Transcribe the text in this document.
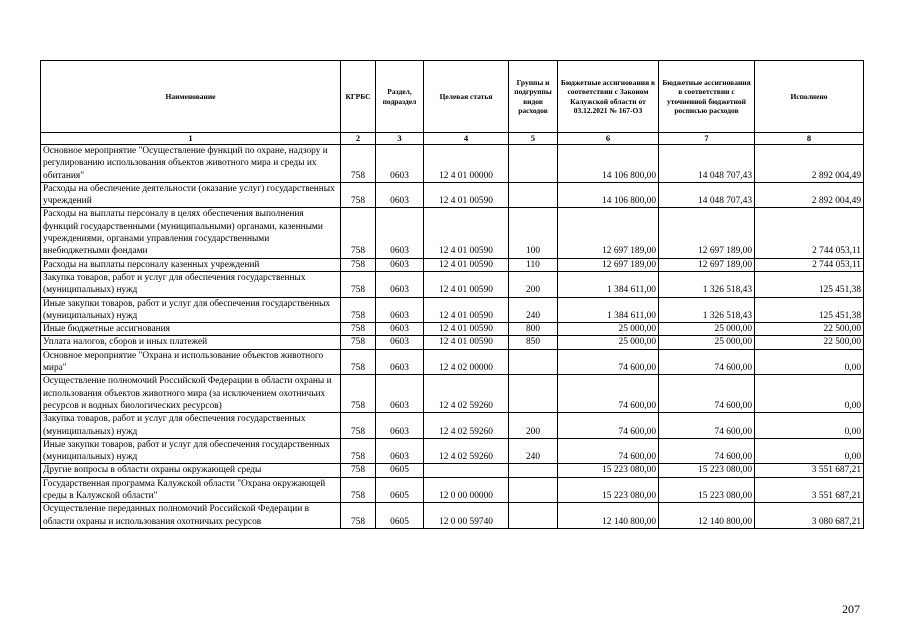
Наименование	КГРБС	Раздел, подраздел	Целевая статья	Группы и подгруппы видов расходов	Бюджетные ассигнования в соответствии с Законом Калужской области от 03.12.2021 № 167-ОЗ	Бюджетные ассигнования в соответствии с уточненной бюджетной росписью расходов	Исполнено
1	2	3	4	5	6	7	8
Основное мероприятие "Осуществление функций по охране, надзору и регулированию использования объектов животного мира и среды их обитания"	758	0603	12 4 01 00000		14 106 800,00	14 048 707,43	2 892 004,49
Расходы на обеспечение деятельности (оказание услуг) государственных учреждений	758	0603	12 4 01 00590		14 106 800,00	14 048 707,43	2 892 004,49
Расходы на выплаты персоналу в целях обеспечения выполнения функций государственными (муниципальными) органами, казенными учреждениями, органами управления государственными внебюджетными фондами	758	0603	12 4 01 00590	100	12 697 189,00	12 697 189,00	2 744 053,11
Расходы на выплаты персоналу казенных учреждений	758	0603	12 4 01 00590	110	12 697 189,00	12 697 189,00	2 744 053,11
Закупка товаров, работ и услуг для обеспечения государственных (муниципальных) нужд	758	0603	12 4 01 00590	200	1 384 611,00	1 326 518,43	125 451,38
Иные закупки товаров, работ и услуг для обеспечения государственных (муниципальных) нужд	758	0603	12 4 01 00590	240	1 384 611,00	1 326 518,43	125 451,38
Иные бюджетные ассигнования	758	0603	12 4 01 00590	800	25 000,00	25 000,00	22 500,00
Уплата налогов, сборов и иных платежей	758	0603	12 4 01 00590	850	25 000,00	25 000,00	22 500,00
Основное мероприятие "Охрана и использование объектов животного мира"	758	0603	12 4 02 00000		74 600,00	74 600,00	0,00
Осуществление полномочий Российской Федерации в области охраны и использования объектов животного мира (за исключением охотничьих ресурсов и водных биологических ресурсов)	758	0603	12 4 02 59260		74 600,00	74 600,00	0,00
Закупка товаров, работ и услуг для обеспечения государственных (муниципальных) нужд	758	0603	12 4 02 59260	200	74 600,00	74 600,00	0,00
Иные закупки товаров, работ и услуг для обеспечения государственных (муниципальных) нужд	758	0603	12 4 02 59260	240	74 600,00	74 600,00	0,00
Другие вопросы в области охраны окружающей среды	758	0605			15 223 080,00	15 223 080,00	3 551 687,21
Государственная программа Калужской области "Охрана окружающей среды в Калужской области"	758	0605	12 0 00 00000		15 223 080,00	15 223 080,00	3 551 687,21
Осуществление переданных полномочий Российской Федерации в области охраны и использования охотничьих ресурсов	758	0605	12 0 00 59740		12 140 800,00	12 140 800,00	3 080 687,21
207
